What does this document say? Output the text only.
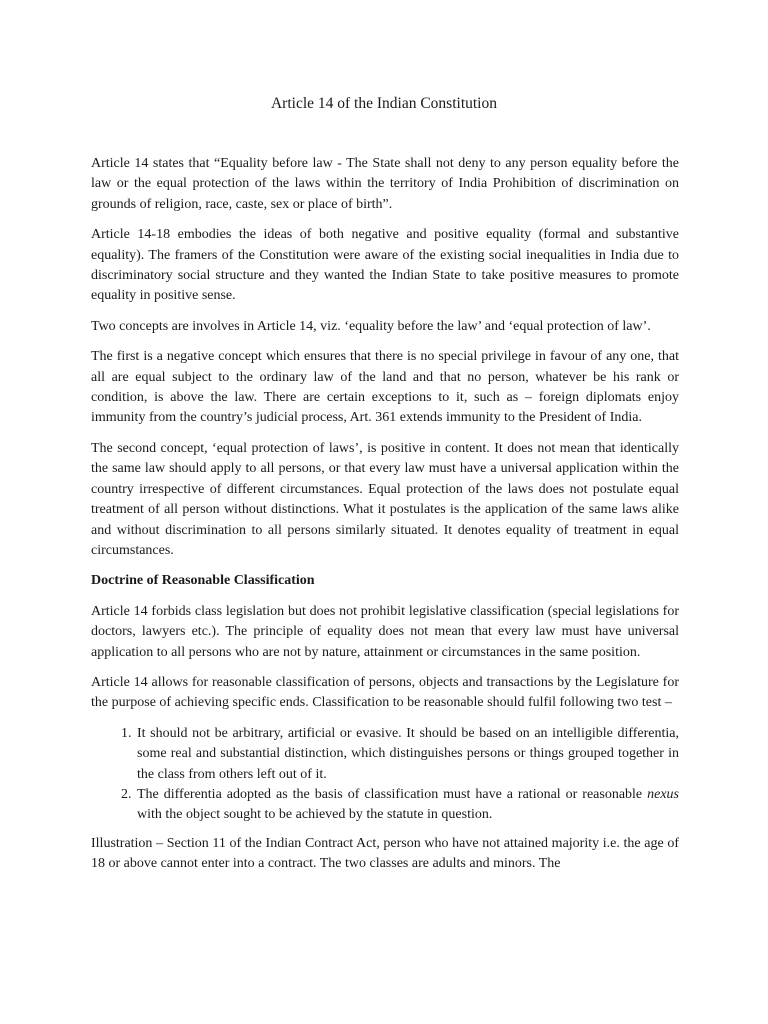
Article 14 of the Indian Constitution

Article 14 states that “Equality before law - The State shall not deny to any person equality before the law or the equal protection of the laws within the territory of India Prohibition of discrimination on grounds of religion, race, caste, sex or place of birth”.

Article 14-18 embodies the ideas of both negative and positive equality (formal and substantive equality). The framers of the Constitution were aware of the existing social inequalities in India due to discriminatory social structure and they wanted the Indian State to take positive measures to promote equality in positive sense.

Two concepts are involves in Article 14, viz. ‘equality before the law’ and ‘equal protection of law’.

The first is a negative concept which ensures that there is no special privilege in favour of any one, that all are equal subject to the ordinary law of the land and that no person, whatever be his rank or condition, is above the law. There are certain exceptions to it, such as – foreign diplomats enjoy immunity from the country’s judicial process, Art. 361 extends immunity to the President of India.

The second concept, ‘equal protection of laws’, is positive in content. It does not mean that identically the same law should apply to all persons, or that every law must have a universal application within the country irrespective of different circumstances. Equal protection of the laws does not postulate equal treatment of all person without distinctions. What it postulates is the application of the same laws alike and without discrimination to all persons similarly situated. It denotes equality of treatment in equal circumstances.

Doctrine of Reasonable Classification

Article 14 forbids class legislation but does not prohibit legislative classification (special legislations for doctors, lawyers etc.). The principle of equality does not mean that every law must have universal application to all persons who are not by nature, attainment or circumstances in the same position.

Article 14 allows for reasonable classification of persons, objects and transactions by the Legislature for the purpose of achieving specific ends. Classification to be reasonable should fulfil following two test –

1. It should not be arbitrary, artificial or evasive. It should be based on an intelligible differentia, some real and substantial distinction, which distinguishes persons or things grouped together in the class from others left out of it.
2. The differentia adopted as the basis of classification must have a rational or reasonable nexus with the object sought to be achieved by the statute in question.

Illustration – Section 11 of the Indian Contract Act, person who have not attained majority i.e. the age of 18 or above cannot enter into a contract. The two classes are adults and minors. The
